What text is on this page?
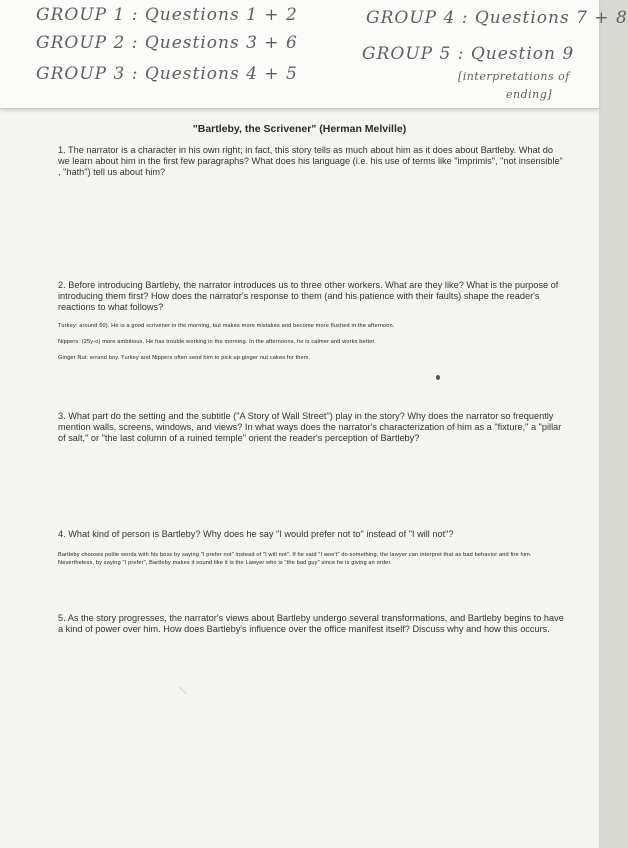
GROUP 1 : Questions 1 + 2
GROUP 2 : Questions 3 + 6
GROUP 3 : Questions 4 + 5
GROUP 4 : Questions 7 + 8
GROUP 5 : Question 9
[interpretations of
ending]
"Bartleby, the Scrivener" (Herman Melville)
1. The narrator is a character in his own right; in fact, this story tells as much about him as it does about Bartleby. What do we learn about him in the first few paragraphs? What does his language (i.e. his use of terms like "imprimis", "not insensible" , "hath") tell us about him?
2. Before introducing Bartleby, the narrator introduces us to three other workers. What are they like? What is the purpose of introducing them first? How does the narrator's response to them (and his patience with their faults) shape the reader's reactions to what follows?
Turkey: around 60). He is a good scrivener in the morning, but makes more mistakes and become more flushed in the afternoon.
Nippers: (25y-o) more ambitious. He has trouble working in the morning. In the afternoons, he is calmer and works better.
Ginger Nut: errand boy. Turkey and Nippers often send him to pick up ginger nut cakes for them.
3. What part do the setting and the subtitle ("A Story of Wall Street") play in the story? Why does the narrator so frequently mention walls, screens, windows, and views? In what ways does the narrator's characterization of him as a "fixture," a "pillar of salt," or "the last column of a ruined temple" orient the reader's perception of Bartleby?
4. What kind of person is Bartleby? Why does he say "I would prefer not to" instead of "I will not"?
Bartleby chooses polite words with his boss by saying "I prefer not" instead of "I will not". If he said "I won't" do something, the lawyer can interpret that as bad behavior and fire him. Nevertheless, by saying "I prefer", Bartleby makes it sound like it is the Lawyer who is "the bad guy" since he is giving an order.
5. As the story progresses, the narrator's views about Bartleby undergo several transformations, and Bartleby begins to have a kind of power over him. How does Bartleby's influence over the office manifest itself? Discuss why and how this occurs.
